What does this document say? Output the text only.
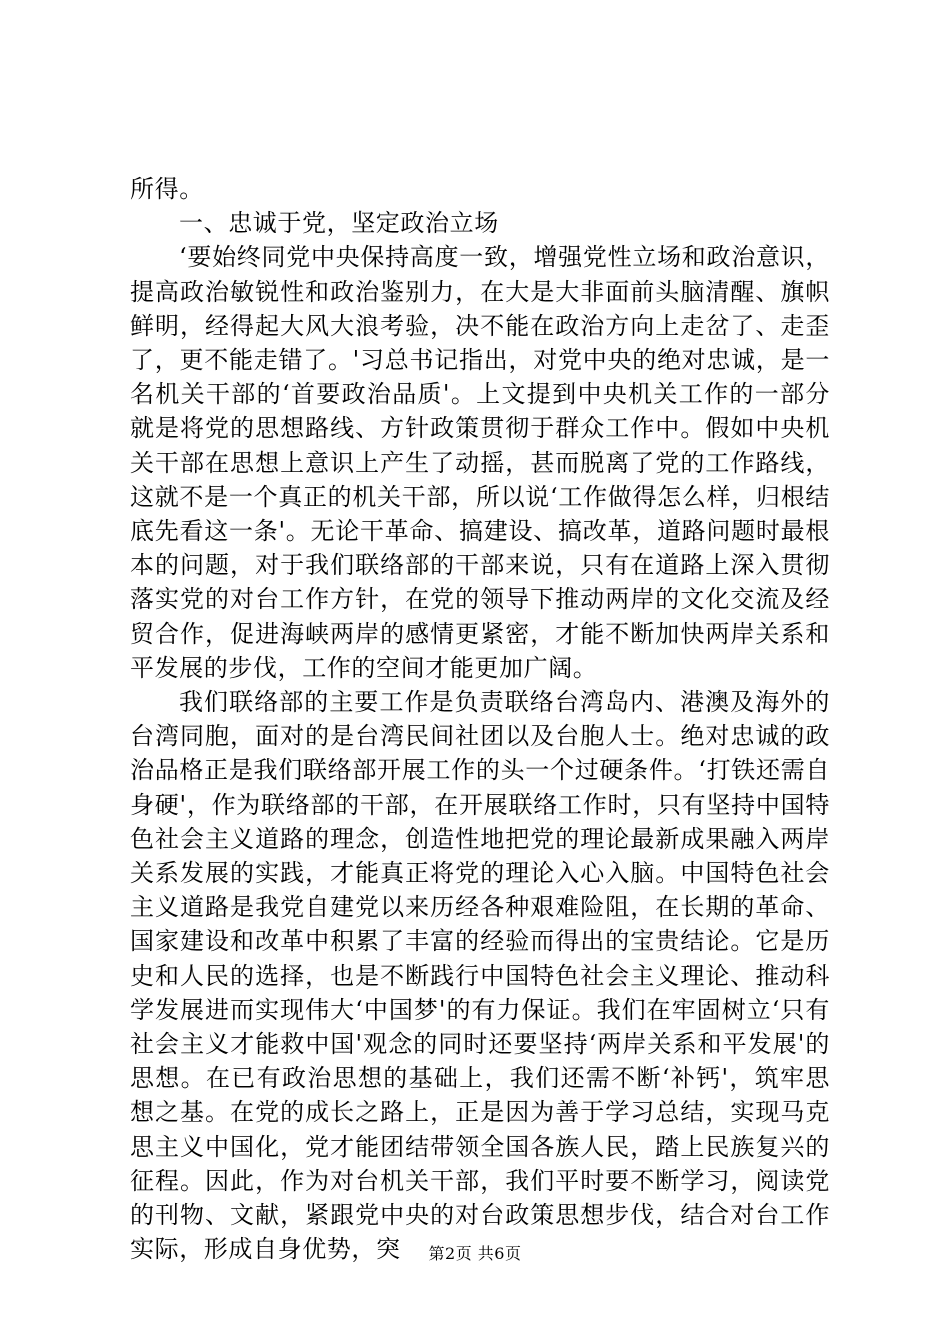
所得。

一、忠诚于党，坚定政治立场

‘要始终同党中央保持高度一致，增强党性立场和政治意识，提高政治敏锐性和政治鉴别力，在大是大非面前头脑清醒、旗帜鲜明，经得起大风大浪考验，决不能在政治方向上走岔了、走歪了，更不能走错了。'习总书记指出，对党中央的绝对忠诚，是一名机关干部的‘首要政治品质'。上文提到中央机关工作的一部分就是将党的思想路线、方针政策贯彻于群众工作中。假如中央机关干部在思想上意识上产生了动摇，甚而脱离了党的工作路线，这就不是一个真正的机关干部，所以说‘工作做得怎么样，归根结底先看这一条'。无论干革命、搞建设、搞改革，道路问题时最根本的问题，对于我们联络部的干部来说，只有在道路上深入贯彻落实党的对台工作方针，在党的领导下推动两岸的文化交流及经贸合作，促进海峡两岸的感情更紧密，才能不断加快两岸关系和平发展的步伐，工作的空间才能更加广阔。

我们联络部的主要工作是负责联络台湾岛内、港澳及海外的台湾同胞，面对的是台湾民间社团以及台胞人士。绝对忠诚的政治品格正是我们联络部开展工作的头一个过硬条件。‘打铁还需自身硬'，作为联络部的干部，在开展联络工作时，只有坚持中国特色社会主义道路的理念，创造性地把党的理论最新成果融入两岸关系发展的实践，才能真正将党的理论入心入脑。中国特色社会主义道路是我党自建党以来历经各种艰难险阻，在长期的革命、国家建设和改革中积累了丰富的经验而得出的宝贵结论。它是历史和人民的选择，也是不断践行中国特色社会主义理论、推动科学发展进而实现伟大‘中国梦'的有力保证。我们在牢固树立‘只有社会主义才能救中国'观念的同时还要坚持‘两岸关系和平发展'的思想。在已有政治思想的基础上，我们还需不断‘补钙'，筑牢思想之基。在党的成长之路上，正是因为善于学习总结，实现马克思主义中国化，党才能团结带领全国各族人民，踏上民族复兴的征程。因此，作为对台机关干部，我们平时要不断学习，阅读党的刊物、文献，紧跟党中央的对台政策思想步伐，结合对台工作实际，形成自身优势，突	第2页 共6页
